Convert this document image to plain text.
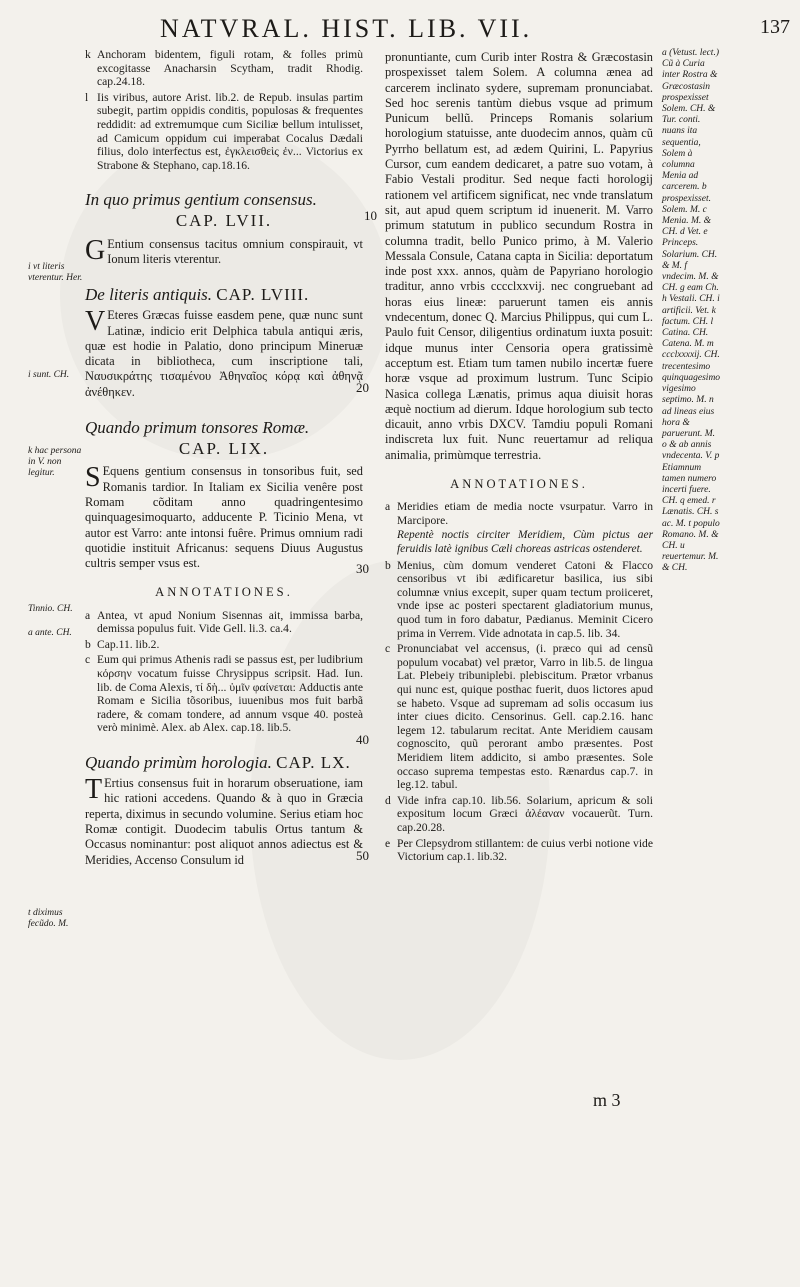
NATVRAL. HIST. LIB. VII.	137
i vt literis vterentur. Her.
i sunt. CH.
k hac persona in V. non legitur.
Tinnio. CH.
a ante. CH.
t diximus fecũdo. M.
10
20
30
40
50
k Anchoram bidentem, figuli rotam, & folles primù excogitasse Anacharsin Scytham, tradit Rhodig. cap.24.18.
l Iis viribus, autore Arist. lib.2. de Repub. insulas partim subegit, partim oppidis conditis, populosas & frequentes reddidit: ad extremumque cum Siciliæ bellum intulisset, ad Camicum oppidum cui imperabat Cocalus Dædali filius, dolo interfectus est, ἐγκλεισθεὶς ἐν... Victorius ex Strabone & Stephano, cap.18.16.
In quo primus gentium consensus.
CAP. LVII.

G Entium consensus tacitus omnium conspirauit, vt Ionum literis vterentur.

De literis antiquis. CAP. LVIII.

V Eteres Græcas fuisse easdem pene, quæ nunc sunt Latinæ, indicio erit Delphica tabula antiqui æris, quæ est hodie in Palatio, dono principum Mineruæ dicata in bibliotheca, cum inscriptione tali, Ναυσικράτης τισαμένου Ἀθηναῖος κόρᾳ καὶ ἀθηνᾷ ἀνέθηκεν.

Quando primum tonsores Romæ.
CAP. LIX.

S Equens gentium consensus in tonsoribus fuit, sed Romanis tardior. In Italiam ex Sicilia venêre post Romam cõditam anno quadringentesimo quinquagesimoquarto, adducente P. Ticinio Mena, vt autor est Varro: ante intonsi fuêre. Primus omnium radi quotidie instituit Africanus: sequens Diuus Augustus cultris semper vsus est.

ANNOTATIONES.
a Antea, vt apud Nonium Sisennas ait, immissa barba, demissa populus fuit. Vide Gell. li.3. ca.4.
b Cap.11. lib.2.
c Eum qui primus Athenis radi se passus est, per ludibrium κόρσην vocatum fuisse Chrysippus scripsit. Had. Iun. lib. de Coma Alexis, τί δὴ... ὑμῖν φαίνεται: Adductis ante Romam e Sicilia tõsoribus, iuuenibus mos fuit barbã radere, & comam tondere, ad annum vsque 40. posteà verò minimè. Alex. ab Alex. cap.18. lib.5.
Quando primùm horologia. CAP. LX.

T Ertius consensus fuit in horarum obseruatione, iam hic rationi accedens. Quando & à quo in Græcia reperta, diximus in secundo volumine. Serius etiam hoc Romæ contigit. Duodecim tabulis Ortus tantum & Occasus nominantur: post aliquot annos adiectus est & Meridies, Accenso Consulum id

pronuntiante, cum Curib inter Rostra & Græcostasin prospexisset talem Solem. A columna ænea ad carcerem inclinato sydere, supremam pronunciabat. Sed hoc serenis tantùm diebus vsque ad primum Punicum bellũ. Princeps Romanis solarium horologium statuisse, ante duodecim annos, quàm cũ Pyrrho bellatum est, ad ædem Quirini, L. Papyrius Cursor, cum eandem dedicaret, a patre suo votam, à Fabio Vestali proditur. Sed neque facti horologij rationem vel artificem significat, nec vnde translatum sit, aut apud quem scriptum id inuenerit. M. Varro primum statutum in publico secundum Rostra in columna tradit, bello Punico primo, à M. Valerio Messala Consule, Catana capta in Sicilia: deportatum inde post xxx. annos, quàm de Papyriano horologio traditur, anno vrbis cccclxxvij. nec congruebant ad horas eius lineæ: paruerunt tamen eis annis vndecentum, donec Q. Marcius Philippus, qui cum L. Paulo fuit Censor, diligentius ordinatum iuxta posuit: idque munus inter Censoria opera gratissimè acceptum est. Etiam tum tamen nubilo incertæ fuere horæ vsque ad proximum lustrum. Tunc Scipio Nasica collega Lænatis, primus aqua diuisit horas æquè noctium ad dierum. Idque horologium sub tecto dicauit, anno vrbis DXCV. Tamdiu populi Romani indiscreta lux fuit. Nunc reuertamur ad reliqua animalia, primùmque terrestria.

ANNOTATIONES.
a Meridies etiam de media nocte vsurpatur. Varro in Marcipore.
Repentè noctis circiter Meridiem, Cùm pictus aer feruidis latè ignibus Cæli choreas astricas ostenderet.
b Menius, cùm domum venderet Catoni & Flacco censoribus vt ibi ædificaretur basilica, ius sibi columnæ vnius excepit, super quam tectum proiiceret, vnde ipse ac posteri spectarent gladiatorium munus, quod tum in foro dabatur, Pædianus. Meminit Cicero prima in Verrem. Vide adnotata in cap.5. lib. 34.
c Pronunciabat vel accensus, (i. præco qui ad censũ populum vocabat) vel prætor, Varro in lib.5. de lingua Lat. Plebeiy tribuniplebi. plebiscitum. Prætor vrbanus qui nunc est, quique posthac fuerit, duos lictores apud se habeto. Vsque ad supremam ad solis occasum ius inter ciues dicito. Censorinus. Gell. cap.2.16. hanc legem 12. tabularum recitat. Ante Meridiem causam cognoscito, quũ perorant ambo præsentes. Post Meridiem litem addicito, si ambo præsentes. Sole occaso suprema tempestas esto. Rænardus cap.7. in leg.12. tabul.
d Vide infra cap.10. lib.56. Solarium, apricum & soli expositum locum Græci ἀλέαναν vocauerũt. Turn. cap.20.28.
e Per Clepsydrom stillantem: de cuius verbi notione vide Victorium cap.1. lib.32.
a (Vetust. lect.) Cũ à Curia inter Rostra & Græcostasin prospexisset Solem. CH. & Tur. conti. nuans ita sequentia, Solem à columna Menia ad carcerem. b prospexisset. Solem. M. c Menia. M. & CH. d Vet. e Princeps. Solarium. CH. & M. f vndecim. M. & CH. g eam Ch. h Vestali. CH. i artificii. Vet. k factum. CH. l Catina. CH. Catena. M. m ccclxxxxij. CH. trecentesimo quinquagesimo vigesimo septimo. M. n ad lineas eius hora & paruerunt. M. o & ab annis vndecenta. V. p Etiamnum tamen numero incerti fuere. CH. q emed. r Lænatis. CH. s ac. M. t populo Romano. M. & CH. u reuertemur. M. & CH.
m 3
